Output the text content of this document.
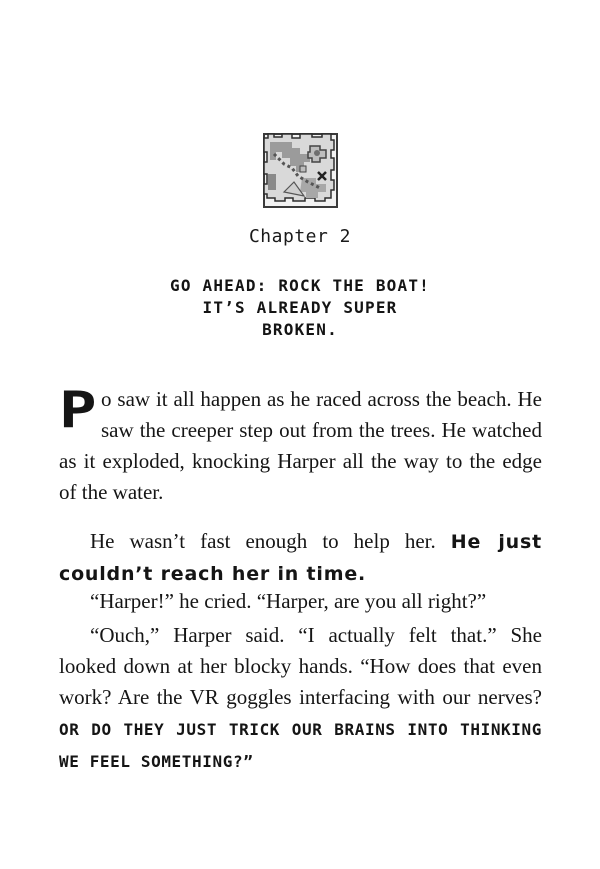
Chapter 2
GO AHEAD: ROCK THE BOAT!
IT’S ALREADY SUPER
BROKEN.
P o saw it all happen as he raced across the beach. He saw the creeper step out from the trees. He watched as it exploded, knocking Harper all the way to the edge of the water.
He wasn’t fast enough to help her. He just couldn’t reach her in time.
“Harper!” he cried. “Harper, are you all right?”
“Ouch,” Harper said. “I actually felt that.” She looked down at her blocky hands. “How does that even work? Are the VR goggles interfacing with our nerves? OR DO THEY JUST TRICK OUR BRAINS INTO THINKING WE FEEL SOMETHING?”
